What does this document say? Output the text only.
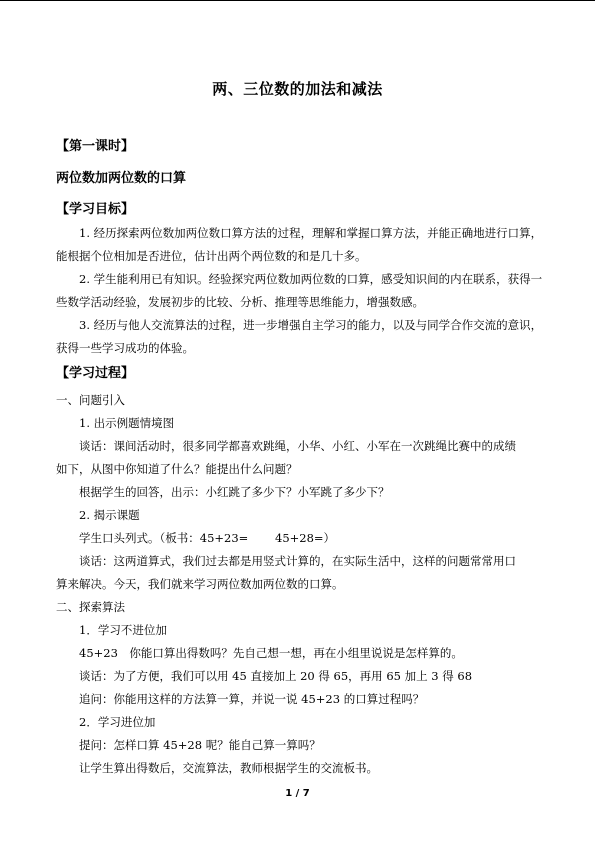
两、三位数的加法和减法
【第一课时】
两位数加两位数的口算
【学习目标】
1. 经历探索两位数加两位数口算方法的过程，理解和掌握口算方法，并能正确地进行口算，能根据个位相加是否进位，估计出两个两位数的和是几十多。
2. 学生能利用已有知识。经验探究两位数加两位数的口算，感受知识间的内在联系，获得一些数学活动经验，发展初步的比较、分析、推理等思维能力，增强数感。
3. 经历与他人交流算法的过程，进一步增强自主学习的能力，以及与同学合作交流的意识，获得一些学习成功的体验。
【学习过程】
一、问题引入
1. 出示例题情境图
谈话：课间活动时，很多同学都喜欢跳绳，小华、小红、小军在一次跳绳比赛中的成绩
如下，从图中你知道了什么？能提出什么问题？
根据学生的回答，出示：小红跳了多少下？小军跳了多少下？
2. 揭示课题
学生口头列式。（板书：45+23= 45+28=）
谈话：这两道算式，我们过去都是用竖式计算的，在实际生活中，这样的问题常常用口
算来解决。今天，我们就来学习两位数加两位数的口算。
二、探索算法
1．学习不进位加
45+23　你能口算出得数吗？先自己想一想，再在小组里说说是怎样算的。
谈话：为了方便，我们可以用 45 直接加上 20 得 65，再用 65 加上 3 得 68
追问：你能用这样的方法算一算，并说一说 45+23 的口算过程吗？
2．学习进位加
提问：怎样口算 45+28 呢？能自己算一算吗？
让学生算出得数后，交流算法，教师根据学生的交流板书。
1 / 7
